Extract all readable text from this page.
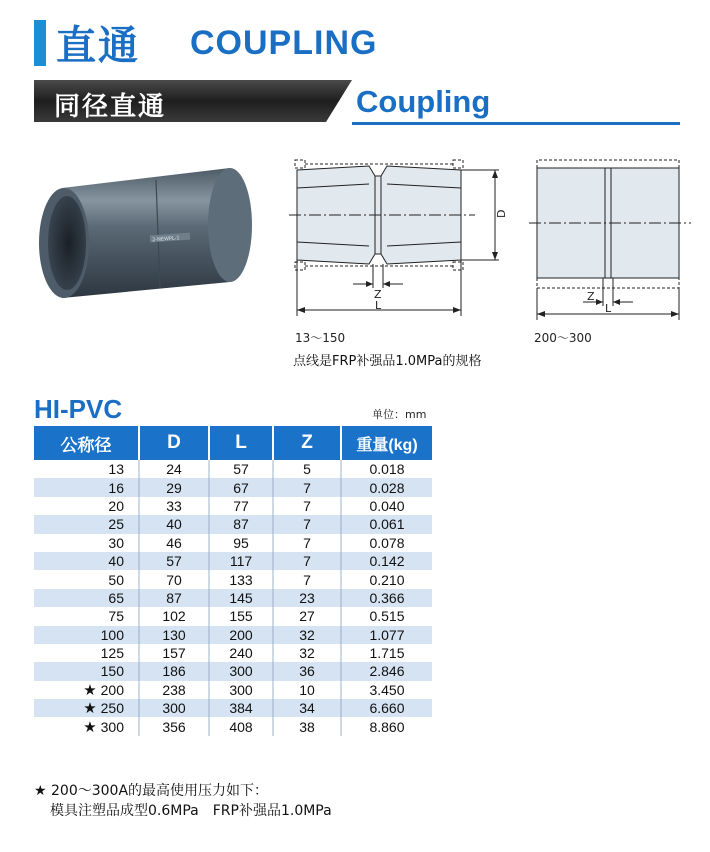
直通 COUPLING
同径直通	Coupling
2-NEWPL-1
D
Z
L
13～150
Z
L
200～300
点线是FRP补强品1.0MPa的规格
HI-PVC	单位：mm
公称径	D	L	Z	重量(kg)
13	24	57	5	0.018
16	29	67	7	0.028
20	33	77	7	0.040
25	40	87	7	0.061
30	46	95	7	0.078
40	57	117	7	0.142
50	70	133	7	0.210
65	87	145	23	0.366
75	102	155	27	0.515
100	130	200	32	1.077
125	157	240	32	1.715
150	186	300	36	2.846
★ 200	238	300	10	3.450
★ 250	300	384	34	6.660
★ 300	356	408	38	8.860
★ 200～300A的最高使用压力如下：
模具注塑品成型0.6MPa　FRP补强品1.0MPa
